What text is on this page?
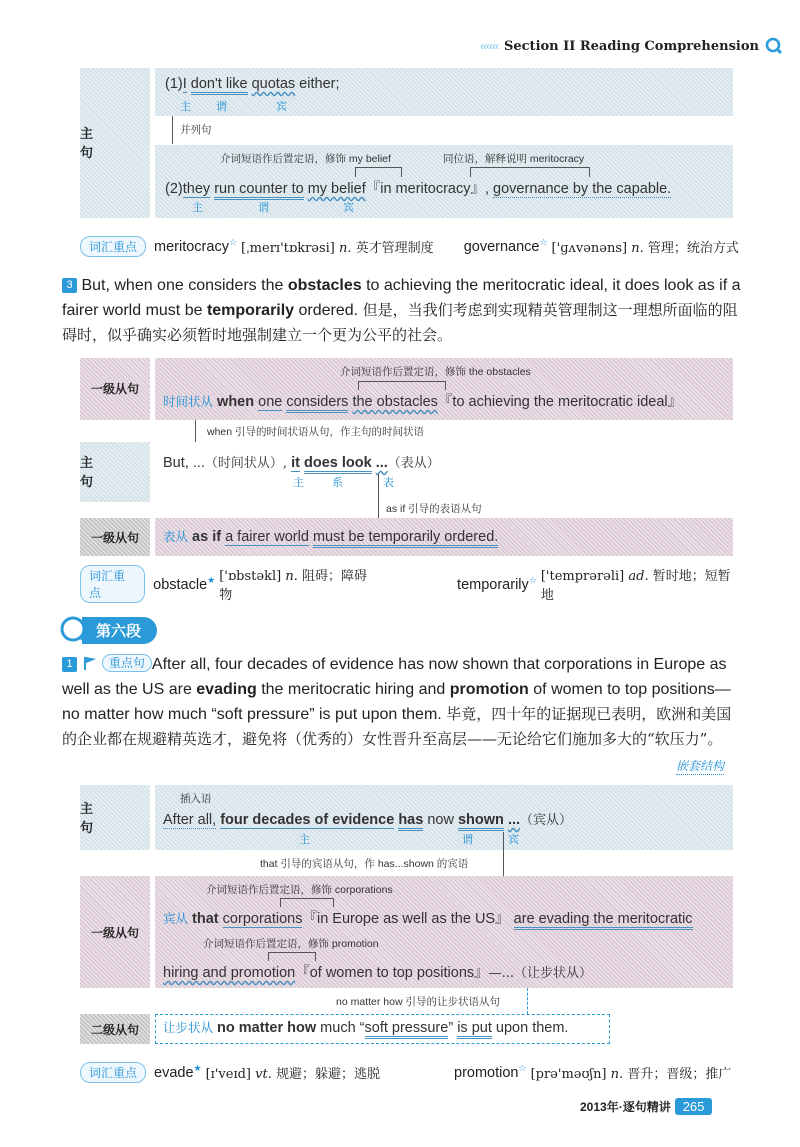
‹‹‹‹‹‹ Section II Reading Comprehension
主 句
(1)I don't like quotas either;
主 谓	宾
并列句
介词短语作后置定语，修饰 my belief	同位语，解释说明 meritocracy
(2)they run counter to my belief『in meritocracy』, governance by the capable.
主	谓	宾
词汇重点	meritocracy☆ [ˌmerɪ'tɒkrəsi] n. 英才管理制度 governance☆ ['ɡʌvənəns] n. 管理；统治方式
3 But, when one considers the obstacles to achieving the meritocratic ideal, it does look as if a fairer world must be temporarily ordered. 但是，当我们考虑到实现精英管理制这一理想所面临的阻碍时，似乎确实必须暂时地强制建立一个更为公平的社会。
一级从句
介词短语作后置定语，修饰 the obstacles
时间状从 when one considers the obstacles『to achieving the meritocratic ideal』
when 引导的时间状语从句，作主句的时间状语
主 句
But, ...（时间状从）, it does look ...（表从）
主	系	表
as if 引导的表语从句
一级从句	表从 as if a fairer world must be temporarily ordered.
词汇重点
obstacle★ ['ɒbstəkl] n. 阻碍；障碍物
temporarily☆ ['temprərəli] ad. 暂时地；短暂地
第六段
1	重点句 After all, four decades of evidence has now shown that corporations in Europe as well as the US are evading the meritocratic hiring and promotion of women to top positions—no matter how much “soft pressure” is put upon them. 毕竟，四十年的证据现已表明，欧洲和美国的企业都在规避精英选才，避免将（优秀的）女性晋升至高层——无论给它们施加多大的“软压力”。
嵌套结构
主 句
插入语
After all, four decades of evidence has now shown ...（宾从）
主	谓	宾
that 引导的宾语从句，作 has...shown 的宾语
一级从句
介词短语作后置定语，修饰 corporations
宾从 that corporations『in Europe as well as the US』 are evading the meritocratic
介词短语作后置定语，修饰 promotion
hiring and promotion『of women to top positions』—...（让步状从）
no matter how 引导的让步状语从句
二级从句	让步状从 no matter how much “soft pressure” is put upon them.
词汇重点	evade★ [ɪ'veɪd] vt. 规避；躲避；逃脱	promotion☆ [prə'məʊʃn] n. 晋升；晋级；推广
2013年·逐句精讲 265
